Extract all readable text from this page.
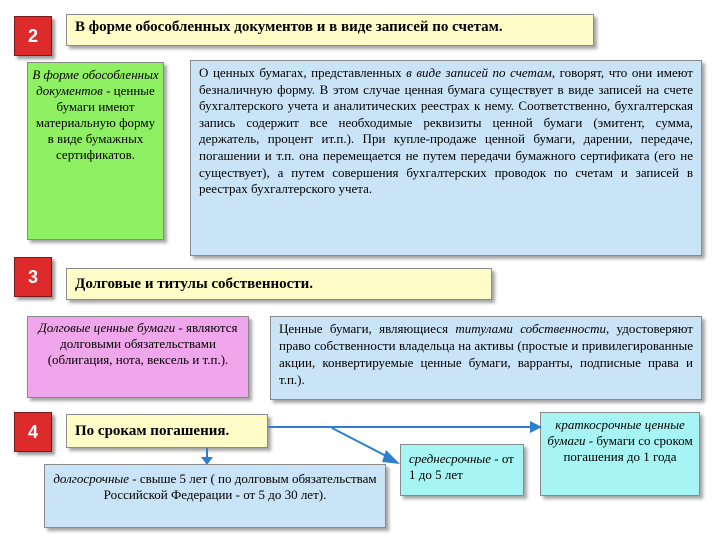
2	В форме обособленных документов и в виде записей по счетам.
В форме обособленных документов - ценные бумаги имеют материальную форму в виде бумажных сертификатов.
О ценных бумагах, представленных в виде записей по счетам, говорят, что они имеют безналичную форму. В этом случае ценная бумага существует в виде записей на счете бухгалтерского учета и аналитических реестрах к нему. Соответственно, бухгалтерская запись содержит все необходимые реквизиты ценной бумаги (эмитент, сумма, держатель, процент ит.п.). При купле-продаже ценной бумаги, дарении, передаче, погашении и т.п. она перемещается не путем передачи бумажного сертификата (его не существует), а путем совершения бухгалтерских проводок по счетам и записей в реестрах бухгалтерского учета.
3	Долговые и титулы собственности.
Долговые ценные бумаги - являются долговыми обязательствами (облигация, нота, вексель и т.п.).
Ценные бумаги, являющиеся титулами собственности, удостоверяют право собственности владельца на активы (простые и привилегированные акции, конвертируемые ценные бумаги, варранты, подписные права и т.п.).
4	По срокам погашения.
долгосрочные - свыше 5 лет ( по долговым обязательствам Российской Федерации - от 5 до 30 лет).
среднесрочные - от 1 до 5 лет
краткосрочные ценные бумаги - бумаги со сроком погашения до 1 года
